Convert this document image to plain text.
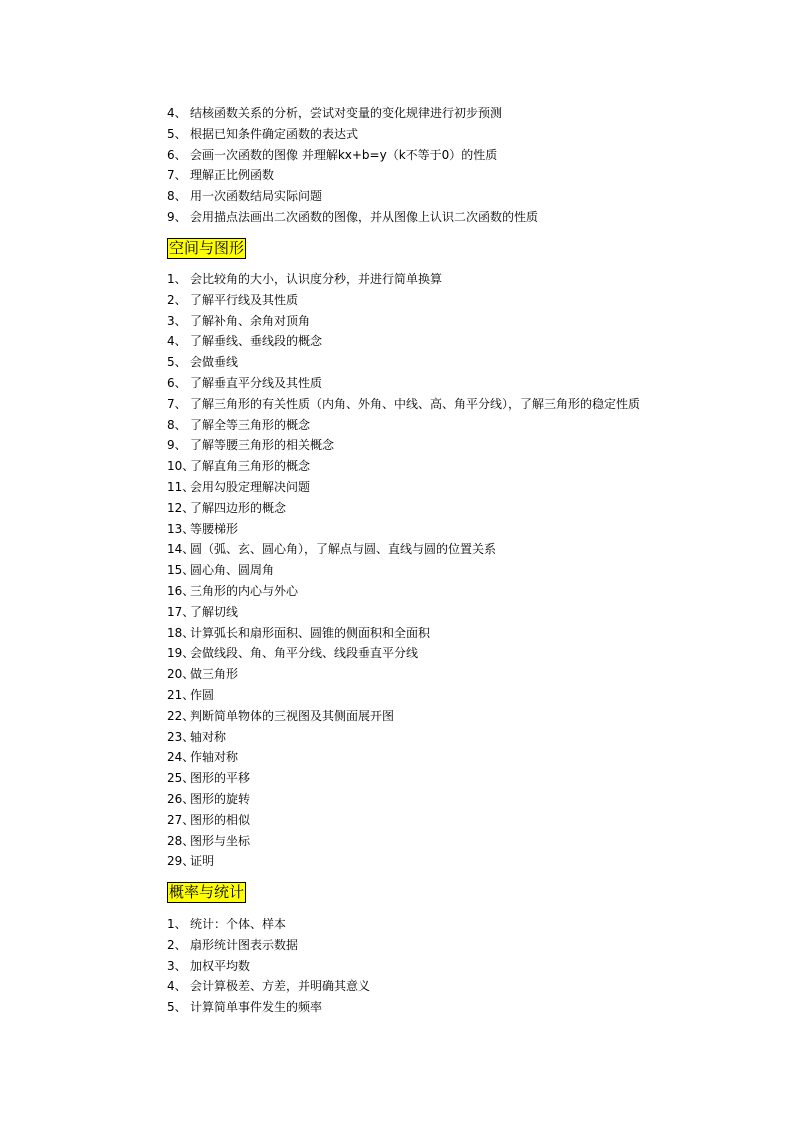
4、 结核函数关系的分析，尝试对变量的变化规律进行初步预测
5、 根据已知条件确定函数的表达式
6、 会画一次函数的图像 并理解kx+b=y（k不等于0）的性质
7、 理解正比例函数
8、 用一次函数结局实际问题
9、 会用描点法画出二次函数的图像，并从图像上认识二次函数的性质
空间与图形
1、 会比较角的大小，认识度分秒，并进行简单换算
2、 了解平行线及其性质
3、 了解补角、余角对顶角
4、 了解垂线、垂线段的概念
5、 会做垂线
6、 了解垂直平分线及其性质
7、 了解三角形的有关性质（内角、外角、中线、高、角平分线），了解三角形的稳定性质
8、 了解全等三角形的概念
9、 了解等腰三角形的相关概念
10、
了解直角三角形的概念
11、
会用勾股定理解决问题
12、
了解四边形的概念
13、
等腰梯形
14、
圆（弧、玄、圆心角），了解点与圆、直线与圆的位置关系
15、
圆心角、圆周角
16、
三角形的内心与外心
17、
了解切线
18、
计算弧长和扇形面积、圆锥的侧面积和全面积
19、
会做线段、角、角平分线、线段垂直平分线
20、
做三角形
21、
作圆
22、
判断简单物体的三视图及其侧面展开图
23、
轴对称
24、
作轴对称
25、
图形的平移
26、
图形的旋转
27、
图形的相似
28、
图形与坐标
29、
证明
概率与统计
1、 统计：个体、样本
2、 扇形统计图表示数据
3、 加权平均数
4、 会计算极差、方差，并明确其意义
5、 计算简单事件发生的频率
